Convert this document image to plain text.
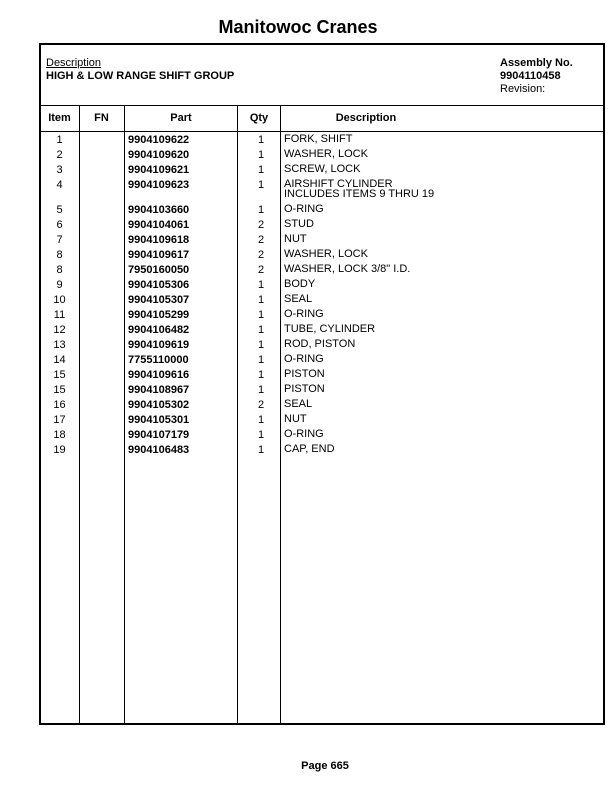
Manitowoc Cranes
Description
HIGH & LOW RANGE SHIFT GROUP
Assembly No.
9904110458
Revision:
Item	FN	Part	Qty	Description
1	9904109622	1	FORK, SHIFT
2	9904109620	1	WASHER, LOCK
3	9904109621	1	SCREW, LOCK
4	9904109623	1	AIRSHIFT CYLINDER
INCLUDES ITEMS 9 THRU 19
5	9904103660	1	O-RING
6	9904104061	2	STUD
7	9904109618	2	NUT
8	9904109617	2	WASHER, LOCK
8	7950160050	2	WASHER, LOCK 3/8" I.D.
9	9904105306	1	BODY
10	9904105307	1	SEAL
11	9904105299	1	O-RING
12	9904106482	1	TUBE, CYLINDER
13	9904109619	1	ROD, PISTON
14	7755110000	1	O-RING
15	9904109616	1	PISTON
15	9904108967	1	PISTON
16	9904105302	2	SEAL
17	9904105301	1	NUT
18	9904107179	1	O-RING
19	9904106483	1	CAP, END
Page 665
